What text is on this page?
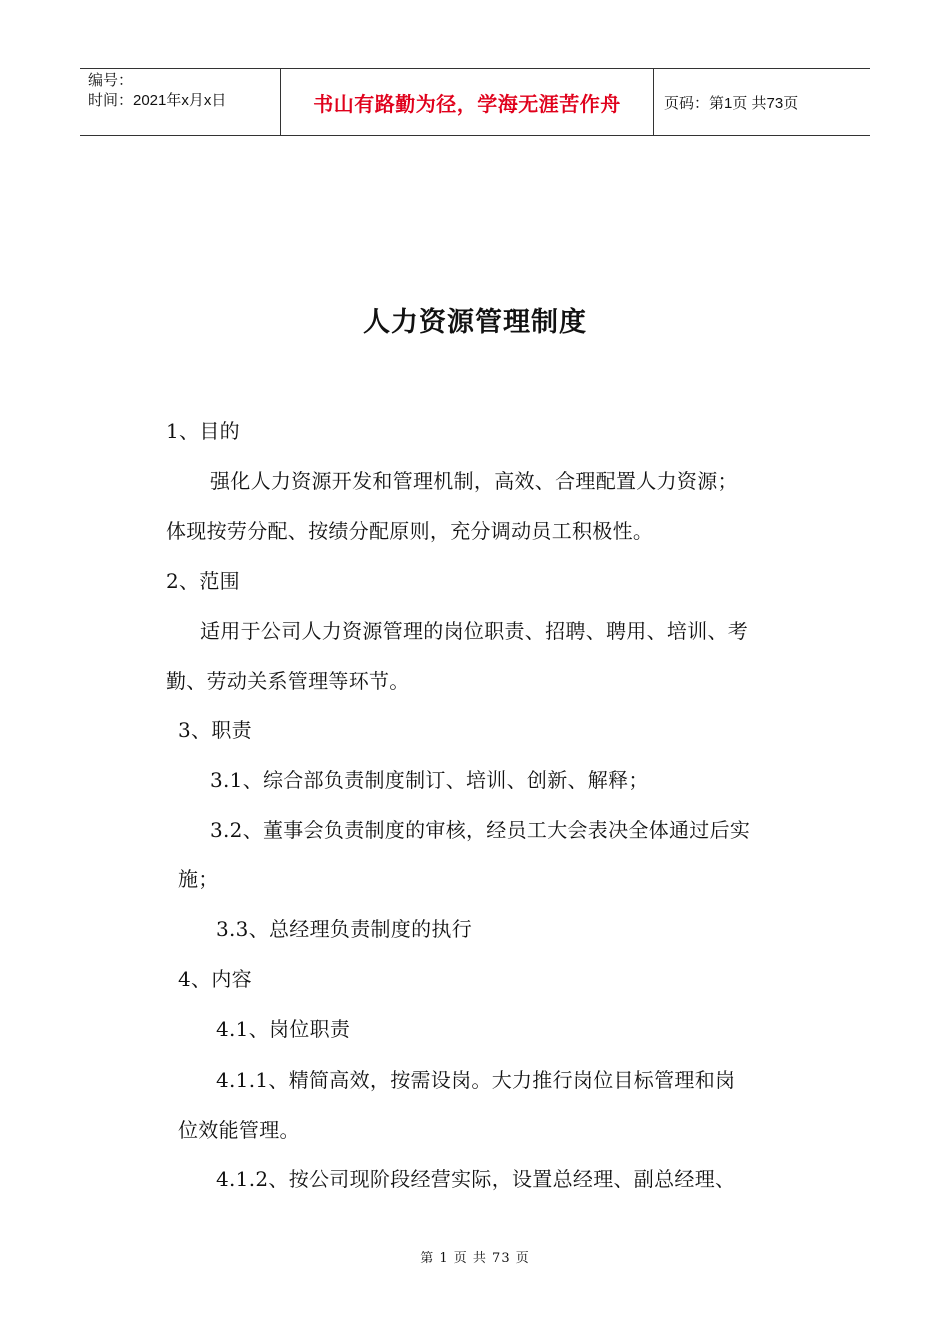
编号：
时间：2021年x月x日	书山有路勤为径，学海无涯苦作舟	页码：第1页 共73页
人力资源管理制度
1、目的
强化人力资源开发和管理机制，高效、合理配置人力资源；
体现按劳分配、按绩分配原则，充分调动员工积极性。
2、范围
适用于公司人力资源管理的岗位职责、招聘、聘用、培训、考
勤、劳动关系管理等环节。
3、职责
3.1、综合部负责制度制订、培训、创新、解释；
3.2、董事会负责制度的审核，经员工大会表决全体通过后实
施；
3.3、总经理负责制度的执行
4、内容
4.1、岗位职责
4.1.1、精简高效，按需设岗。大力推行岗位目标管理和岗
位效能管理。
4.1.2、按公司现阶段经营实际，设置总经理、副总经理、
第 1 页 共 73 页
